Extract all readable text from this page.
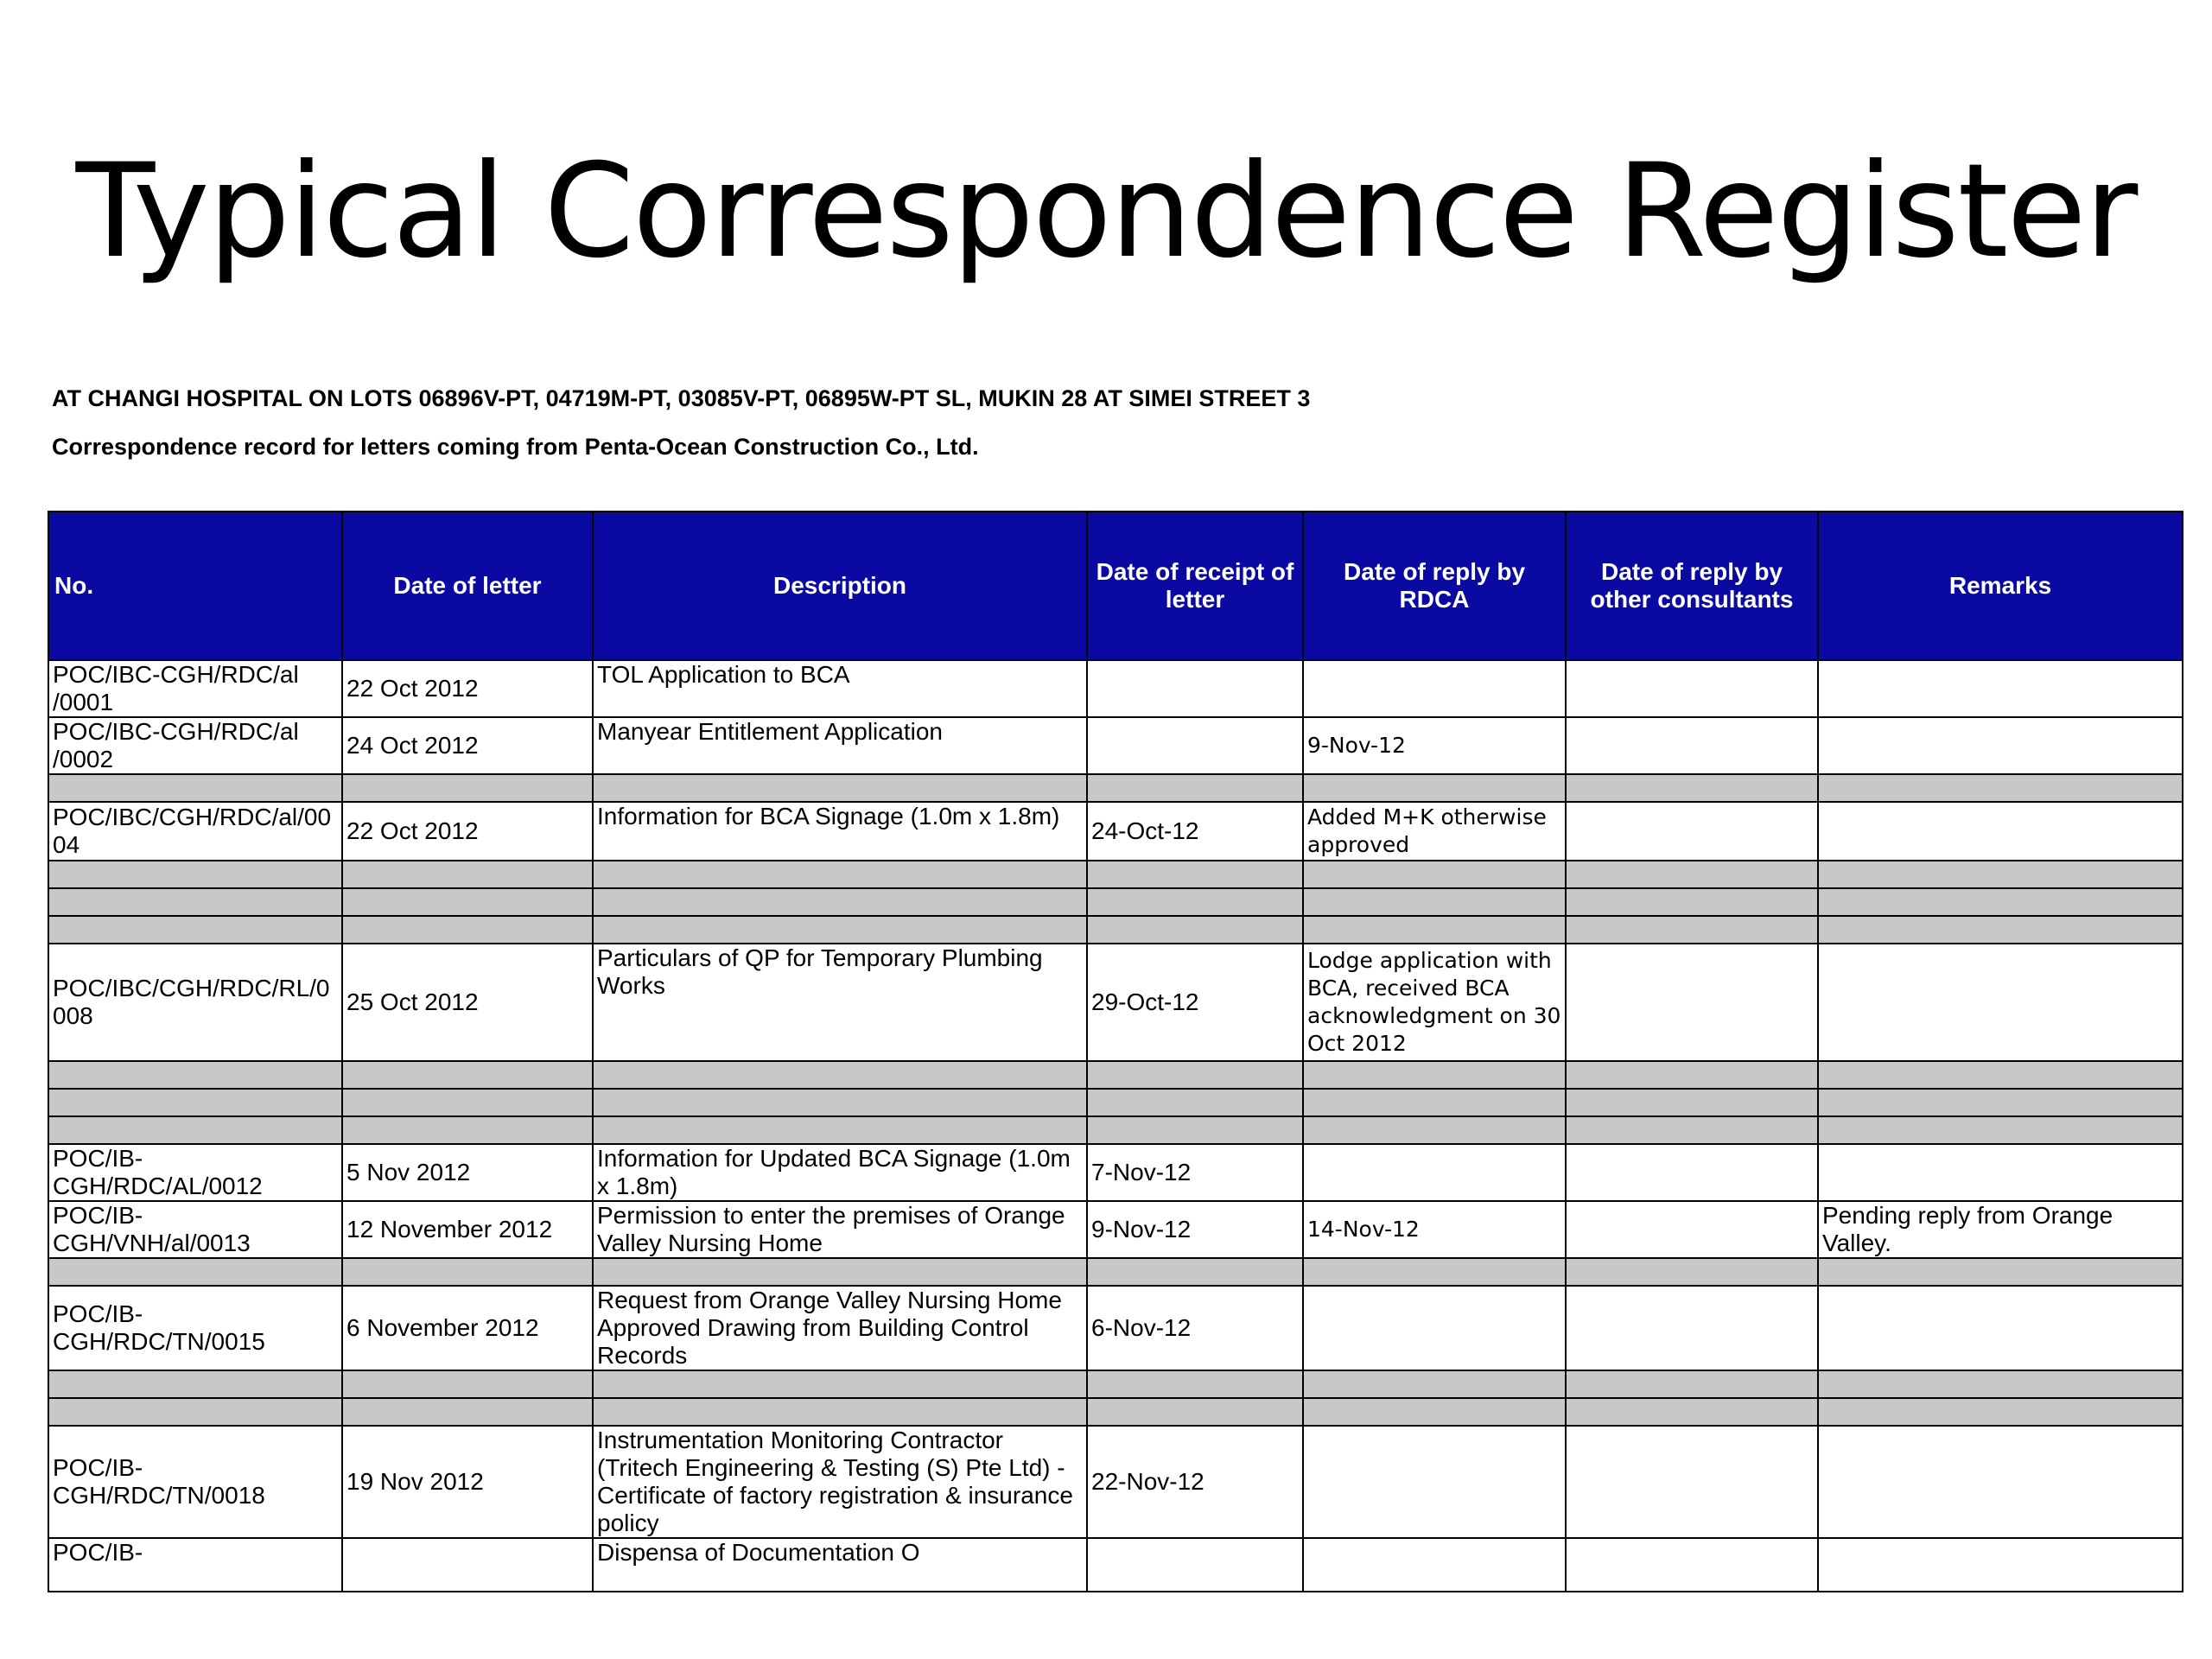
Typical Correspondence Register
AT CHANGI HOSPITAL ON LOTS 06896V-PT, 04719M-PT, 03085V-PT, 06895W-PT SL, MUKIN 28 AT SIMEI STREET 3
Correspondence record for letters coming from Penta-Ocean Construction Co., Ltd.
No.	Date of letter	Description	Date of receipt of letter	Date of reply by RDCA	Date of reply by other consultants	Remarks
POC/IBC-CGH/RDC/al /0001	22 Oct 2012	TOL Application to BCA				
POC/IBC-CGH/RDC/al /0002	24 Oct 2012	Manyear Entitlement Application		9-Nov-12		

POC/IBC/CGH/RDC/al/00 04	22 Oct 2012	Information for BCA Signage (1.0m x 1.8m)	24-Oct-12	Added M+K otherwise approved		

POC/IBC/CGH/RDC/RL/0 008	25 Oct 2012	Particulars of QP for Temporary Plumbing Works	29-Oct-12	Lodge application with BCA, received BCA acknowledgment on 30 Oct 2012		

POC/IB-CGH/RDC/AL/0012	5 Nov 2012	Information for Updated BCA Signage (1.0m x 1.8m)	7-Nov-12			
POC/IB-CGH/VNH/al/0013	12 November 2012	Permission to enter the premises of Orange Valley Nursing Home	9-Nov-12	14-Nov-12		Pending reply from Orange Valley.

POC/IB-CGH/RDC/TN/0015	6 November 2012	Request from Orange Valley Nursing Home Approved Drawing from Building Control Records	6-Nov-12			

POC/IB-CGH/RDC/TN/0018	19 Nov 2012	Instrumentation Monitoring Contractor (Tritech Engineering & Testing (S) Pte Ltd) - Certificate of factory registration & insurance policy	22-Nov-12			
POC/IB-		Dispensa of Documentation O				
